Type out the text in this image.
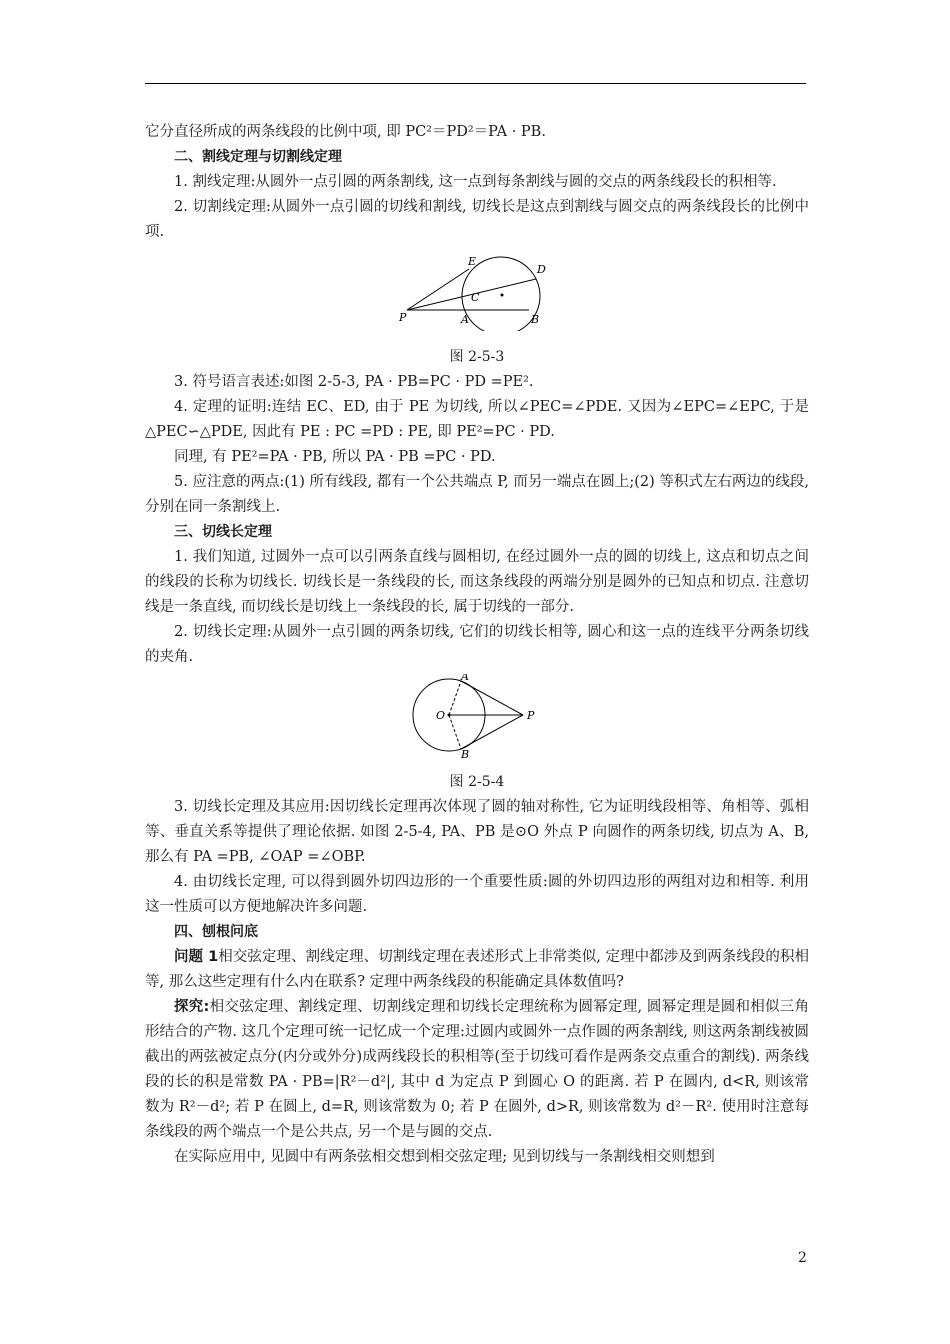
它分直径所成的两条线段的比例中项, 即 PC²＝PD²＝PA · PB.

二、割线定理与切割线定理

1. 割线定理:从圆外一点引圆的两条割线, 这一点到每条割线与圆的交点的两条线段长的积相等.

2. 切割线定理:从圆外一点引圆的切线和割线, 切线长是这点到割线与圆交点的两条线段长的比例中项.

P
E
D
C
A	B

图 2-5-3

3. 符号语言表述:如图 2-5-3, PA · PB=PC · PD =PE².

4. 定理的证明:连结 EC、ED, 由于 PE 为切线, 所以∠PEC=∠PDE. 又因为∠EPC=∠EPC, 于是△PEC∽△PDE, 因此有 PE : PC =PD : PE, 即 PE²=PC · PD.

同理, 有 PE²=PA · PB, 所以 PA · PB =PC · PD.

5. 应注意的两点:(1) 所有线段, 都有一个公共端点 P, 而另一端点在圆上;(2) 等积式左右两边的线段, 分别在同一条割线上.

三、切线长定理

1. 我们知道, 过圆外一点可以引两条直线与圆相切, 在经过圆外一点的圆的切线上, 这点和切点之间的线段的长称为切线长. 切线长是一条线段的长, 而这条线段的两端分别是圆外的已知点和切点. 注意切线是一条直线, 而切线长是切线上一条线段的长, 属于切线的一部分.

2. 切线长定理:从圆外一点引圆的两条切线, 它们的切线长相等, 圆心和这一点的连线平分两条切线的夹角.

O
A
B
P

图 2-5-4

3. 切线长定理及其应用:因切线长定理再次体现了圆的轴对称性, 它为证明线段相等、角相等、弧相等、垂直关系等提供了理论依据. 如图 2-5-4, PA、PB 是⊙O 外点 P 向圆作的两条切线, 切点为 A、B, 那么有 PA =PB, ∠OAP =∠OBP.

4. 由切线长定理, 可以得到圆外切四边形的一个重要性质:圆的外切四边形的两组对边和相等. 利用这一性质可以方便地解决许多问题.

四、刨根问底

问题 1相交弦定理、割线定理、切割线定理在表述形式上非常类似, 定理中都涉及到两条线段的积相等, 那么这些定理有什么内在联系? 定理中两条线段的积能确定具体数值吗?

探究:相交弦定理、割线定理、切割线定理和切线长定理统称为圆幂定理, 圆幂定理是圆和相似三角形结合的产物. 这几个定理可统一记忆成一个定理:过圆内或圆外一点作圆的两条割线, 则这两条割线被圆截出的两弦被定点分(内分或外分)成两线段长的积相等(至于切线可看作是两条交点重合的割线). 两条线段的长的积是常数 PA · PB=|R²－d²|, 其中 d 为定点 P 到圆心 O 的距离. 若 P 在圆内, d<R, 则该常数为 R²－d²; 若 P 在圆上, d=R, 则该常数为 0; 若 P 在圆外, d>R, 则该常数为 d²－R². 使用时注意每条线段的两个端点一个是公共点, 另一个是与圆的交点.

在实际应用中, 见圆中有两条弦相交想到相交弦定理; 见到切线与一条割线相交则想到

2
